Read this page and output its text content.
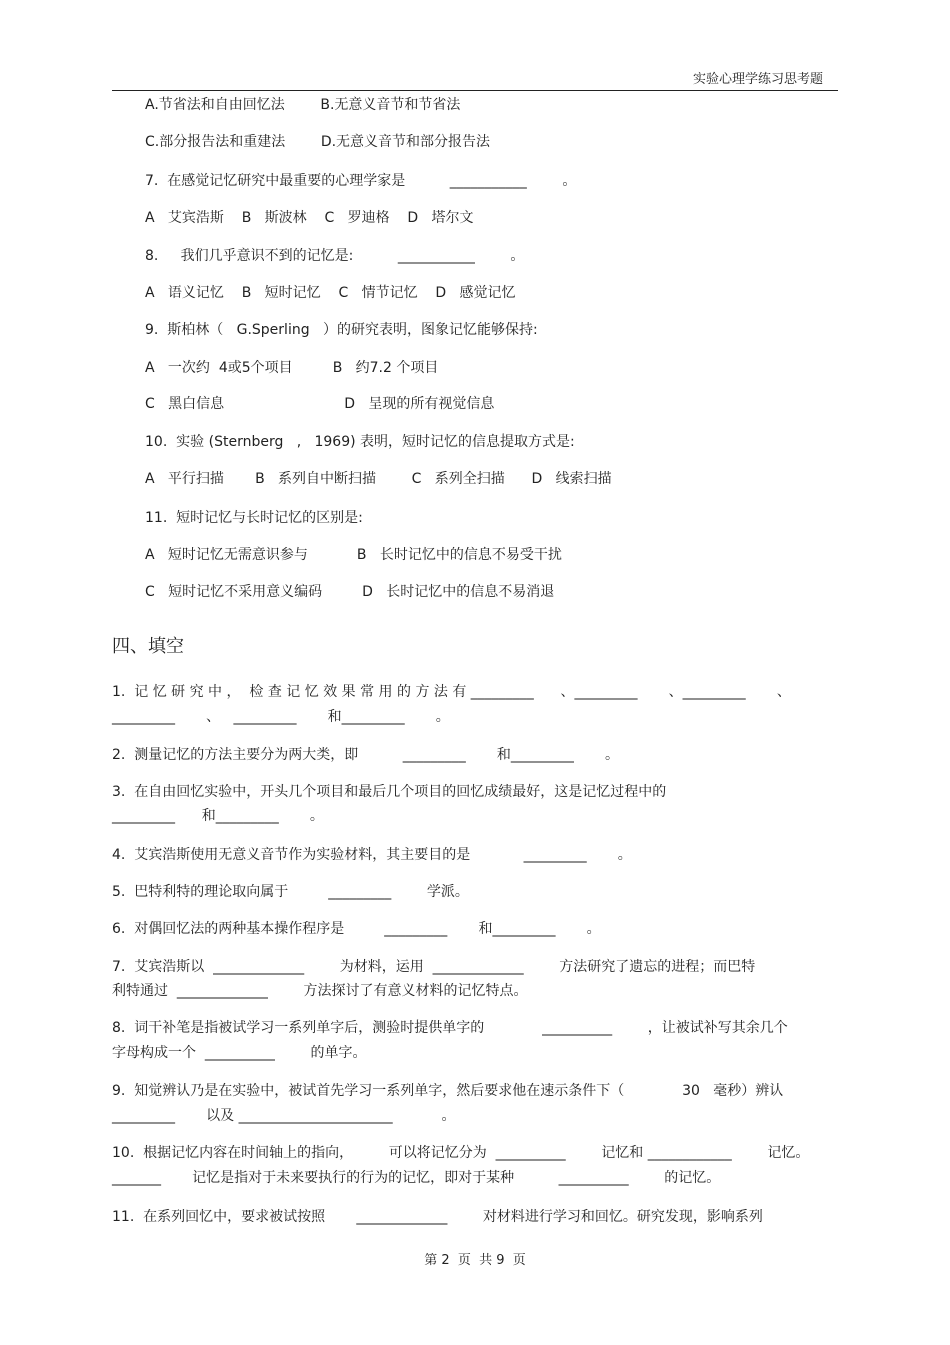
实验心理学练习思考题
A.节省法和自由回忆法        B.无意义音节和节省法
C.部分报告法和重建法        D.无意义音节和部分报告法
7.  在感觉记忆研究中最重要的心理学家是          ___________        。
A   艾宾浩斯    B   斯波林    C   罗迪格    D   塔尔文
8.     我们几乎意识不到的记忆是:          ___________        。
A   语义记忆    B   短时记忆    C   情节记忆    D   感觉记忆
9.  斯柏林（   G.Sperling   ）的研究表明，图象记忆能够保持:
A   一次约  4或5个项目         B   约7.2 个项目
C   黑白信息                           D   呈现的所有视觉信息
10.  实验 (Sternberg   ,   1969) 表明，短时记忆的信息提取方式是:
A   平行扫描       B   系列自中断扫描        C   系列全扫描      D   线索扫描
11.  短时记忆与长时记忆的区别是:
A   短时记忆无需意识参与           B   长时记忆中的信息不易受干扰
C   短时记忆不采用意义编码         D   长时记忆中的信息不易消退
四、填空
1.  记 忆 研 究 中 ，  检 查 记 忆 效 果 常 用 的 方 法 有 _________      、_________       、_________       、
_________       、   _________       和_________       。
2.  测量记忆的方法主要分为两大类，即          _________       和_________       。
3.  在自由回忆实验中，开头几个项目和最后几个项目的回忆成绩最好，这是记忆过程中的
_________      和_________       。
4.  艾宾浩斯使用无意义音节作为实验材料，其主要目的是            _________       。
5.  巴特利特的理论取向属于         _________        学派。
6.  对偶回忆法的两种基本操作程序是         _________       和_________       。
7.  艾宾浩斯以  _____________        为材料，运用  _____________        方法研究了遗忘的进程；而巴特
利特通过  _____________        方法探讨了有意义材料的记忆特点。
8.  词干补笔是指被试学习一系列单字后，测验时提供单字的             __________        ，让被试补写其余几个
字母构成一个  __________        的单字。
9.  知觉辨认乃是在实验中，被试首先学习一系列单字，然后要求他在速示条件下（             30   毫秒）辨认
_________       以及 ______________________           。
10.  根据记忆内容在时间轴上的指向，        可以将记忆分为  __________        记忆和 ____________        记忆。
_______       记忆是指对于未来要执行的行为的记忆，即对于某种          __________        的记忆。
11.  在系列回忆中，要求被试按照       _____________        对材料进行学习和回忆。研究发现，影响系列
第 2  页  共 9  页
